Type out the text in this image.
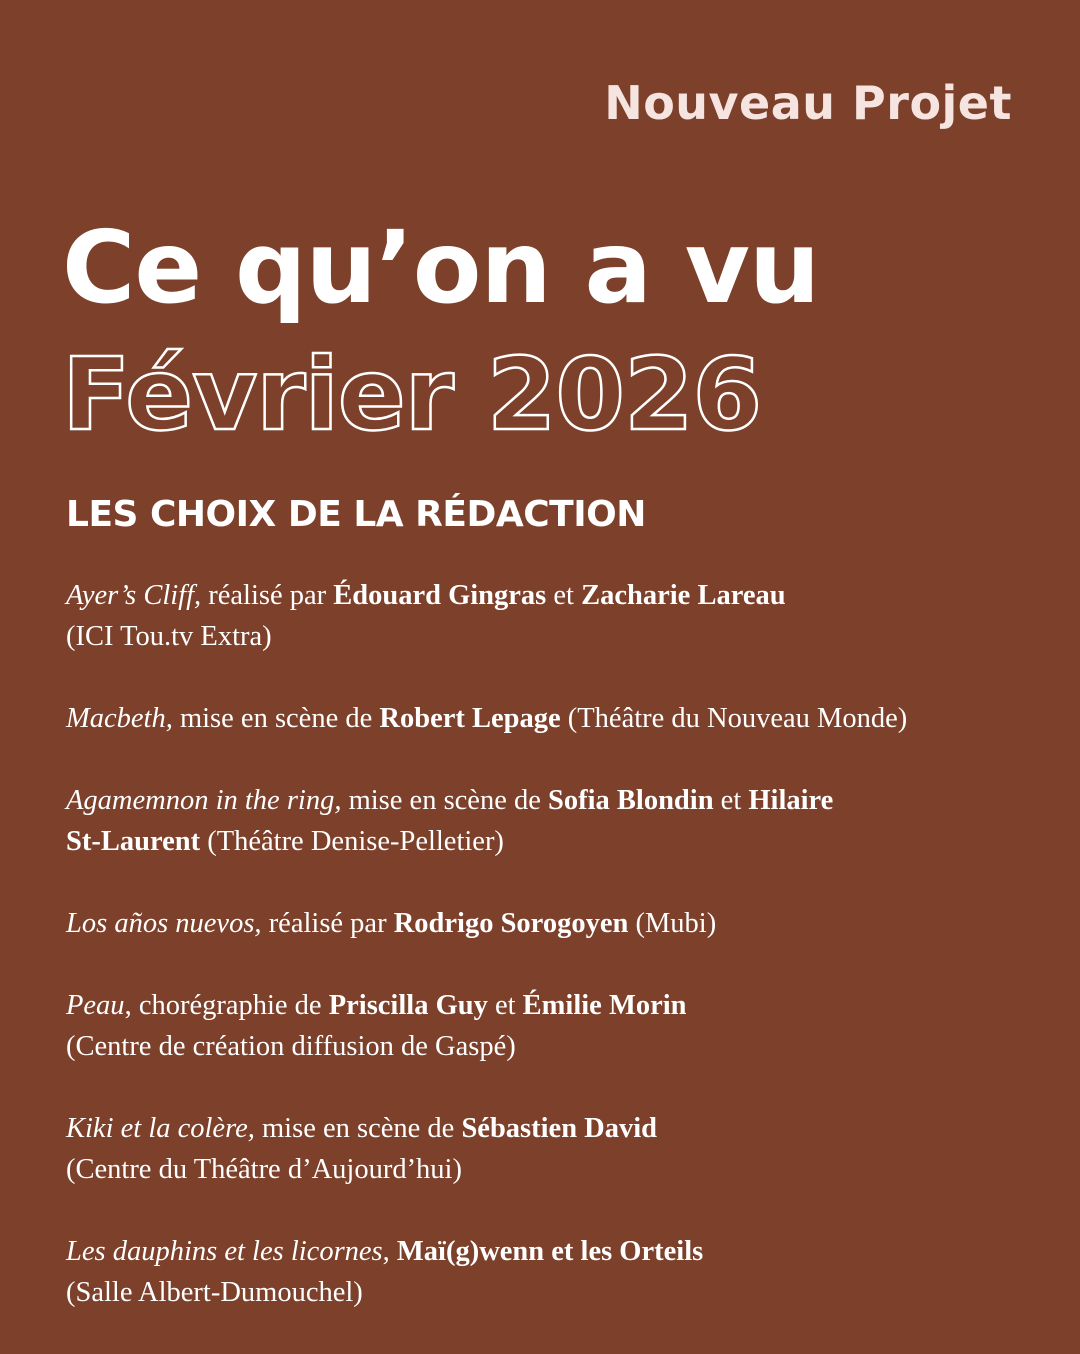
Nouveau Projet
Ce qu’on a vu
Février 2026
LES CHOIX DE LA RÉDACTION
Ayer’s Cliff, réalisé par Édouard Gingras et Zacharie Lareau
(ICI Tou.tv Extra)
Macbeth, mise en scène de Robert Lepage (Théâtre du Nouveau Monde)
Agamemnon in the ring, mise en scène de Sofia Blondin et Hilaire
St-Laurent (Théâtre Denise-Pelletier)
Los años nuevos, réalisé par Rodrigo Sorogoyen (Mubi)
Peau, chorégraphie de Priscilla Guy et Émilie Morin
(Centre de création diffusion de Gaspé)
Kiki et la colère, mise en scène de Sébastien David
(Centre du Théâtre d’Aujourd’hui)
Les dauphins et les licornes, Maï(g)wenn et les Orteils
(Salle Albert-Dumouchel)
